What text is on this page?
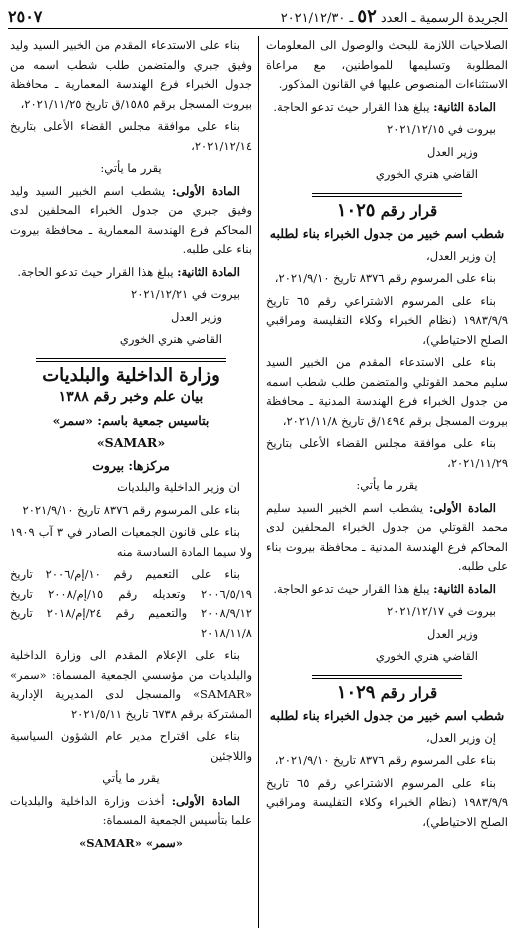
الجريدة الرسمية ـ العدد ٥٢ ـ ٢٠٢١/١٢/٣٠
٢٥٠٧

الصلاحيات اللازمة للبحث والوصول الى المعلومات المطلوبة وتسليمها للمواطنين، مع مراعاة الاستثناءات المنصوص عليها في القانون المذكور.

المادة الثانية: يبلغ هذا القرار حيث تدعو الحاجة.

بيروت في ٢٠٢١/١٢/١٥

وزير العدل

القاضي هنري الخوري

قرار رقم ١٠٢٥

شطب اسم خبير من جدول الخبراء بناء لطلبه

إن وزير العدل،

بناء على المرسوم رقم ٨٣٧٦ تاريخ ٢٠٢١/٩/١٠،

بناء على المرسوم الاشتراعي رقم ٦٥ تاريخ ١٩٨٣/٩/٩ (نظام الخبراء وكلاء التفليسة ومراقبي الصلح الاحتياطي)،

بناء على الاستدعاء المقدم من الخبير السيد سليم محمد القوتلي والمتضمن طلب شطب اسمه من جدول الخبراء فرع الهندسة المدنية ـ محافظة بيروت المسجل برقم ١٤٩٤/ق تاريخ ٢٠٢١/١١/٨،

بناء على موافقة مجلس القضاء الأعلى بتاريخ ٢٠٢١/١١/٢٩،

يقرر ما يأتي:

المادة الأولى: يشطب اسم الخبير السيد سليم محمد القوتلي من جدول الخبراء المحلفين لدى المحاكم فرع الهندسة المدنية ـ محافظة بيروت بناء على طلبه.

المادة الثانية: يبلغ هذا القرار حيث تدعو الحاجة.

بيروت في ٢٠٢١/١٢/١٧

وزير العدل

القاضي هنري الخوري

قرار رقم ١٠٢٩

شطب اسم خبير من جدول الخبراء بناء لطلبه

إن وزير العدل،

بناء على المرسوم رقم ٨٣٧٦ تاريخ ٢٠٢١/٩/١٠،

بناء على المرسوم الاشتراعي رقم ٦٥ تاريخ ١٩٨٣/٩/٩ (نظام الخبراء وكلاء التفليسة ومراقبي الصلح الاحتياطي)،

بناء على الاستدعاء المقدم من الخبير السيد وليد وفيق جبري والمتضمن طلب شطب اسمه من جدول الخبراء فرع الهندسة المعمارية ـ محافظة بيروت المسجل برقم ١٥٨٥/ق تاريخ ٢٠٢١/١١/٢٥،

بناء على موافقة مجلس القضاء الأعلى بتاريخ ٢٠٢١/١٢/١٤،

يقرر ما يأتي:

المادة الأولى: يشطب اسم الخبير السيد وليد وفيق جبري من جدول الخبراء المحلفين لدى المحاكم فرع الهندسة المعمارية ـ محافظة بيروت بناء على طلبه.

المادة الثانية: يبلغ هذا القرار حيث تدعو الحاجة.

بيروت في ٢٠٢١/١٢/٢١

وزير العدل

القاضي هنري الخوري

وزارة الداخلية والبلديات

بيان علم وخبر رقم ١٣٨٨

بتاسيس جمعية باسم: «سمر»

«SAMAR»

مركزها: بيروت

ان وزير الداخلية والبلديات

بناء على المرسوم رقم ٨٣٧٦ تاريخ ٢٠٢١/٩/١٠

بناء على قانون الجمعيات الصادر في ٣ آب ١٩٠٩ ولا سيما المادة السادسة منه

بناء على التعميم رقم ١٠/إم/٢٠٠٦ تاريخ ٢٠٠٦/٥/١٩ وتعديله رقم ١٥/إم/٢٠٠٨ تاريخ ٢٠٠٨/٩/١٢ والتعميم رقم ٢٤/إم/٢٠١٨ تاريخ ٢٠١٨/١١/٨

بناء على الإعلام المقدم الى وزارة الداخلية والبلديات من مؤسسي الجمعية المسماة: «سمر» «SAMAR» والمسجل لدى المديرية الإدارية المشتركة برقم ٦٧٣٨ تاريخ ٢٠٢١/٥/١١

بناء على اقتراح مدير عام الشؤون السياسية واللاجئين

يقرر ما يأتي

المادة الأولى: أخذت وزارة الداخلية والبلديات علما بتأسيس الجمعية المسماة:

«سمر» «SAMAR»
